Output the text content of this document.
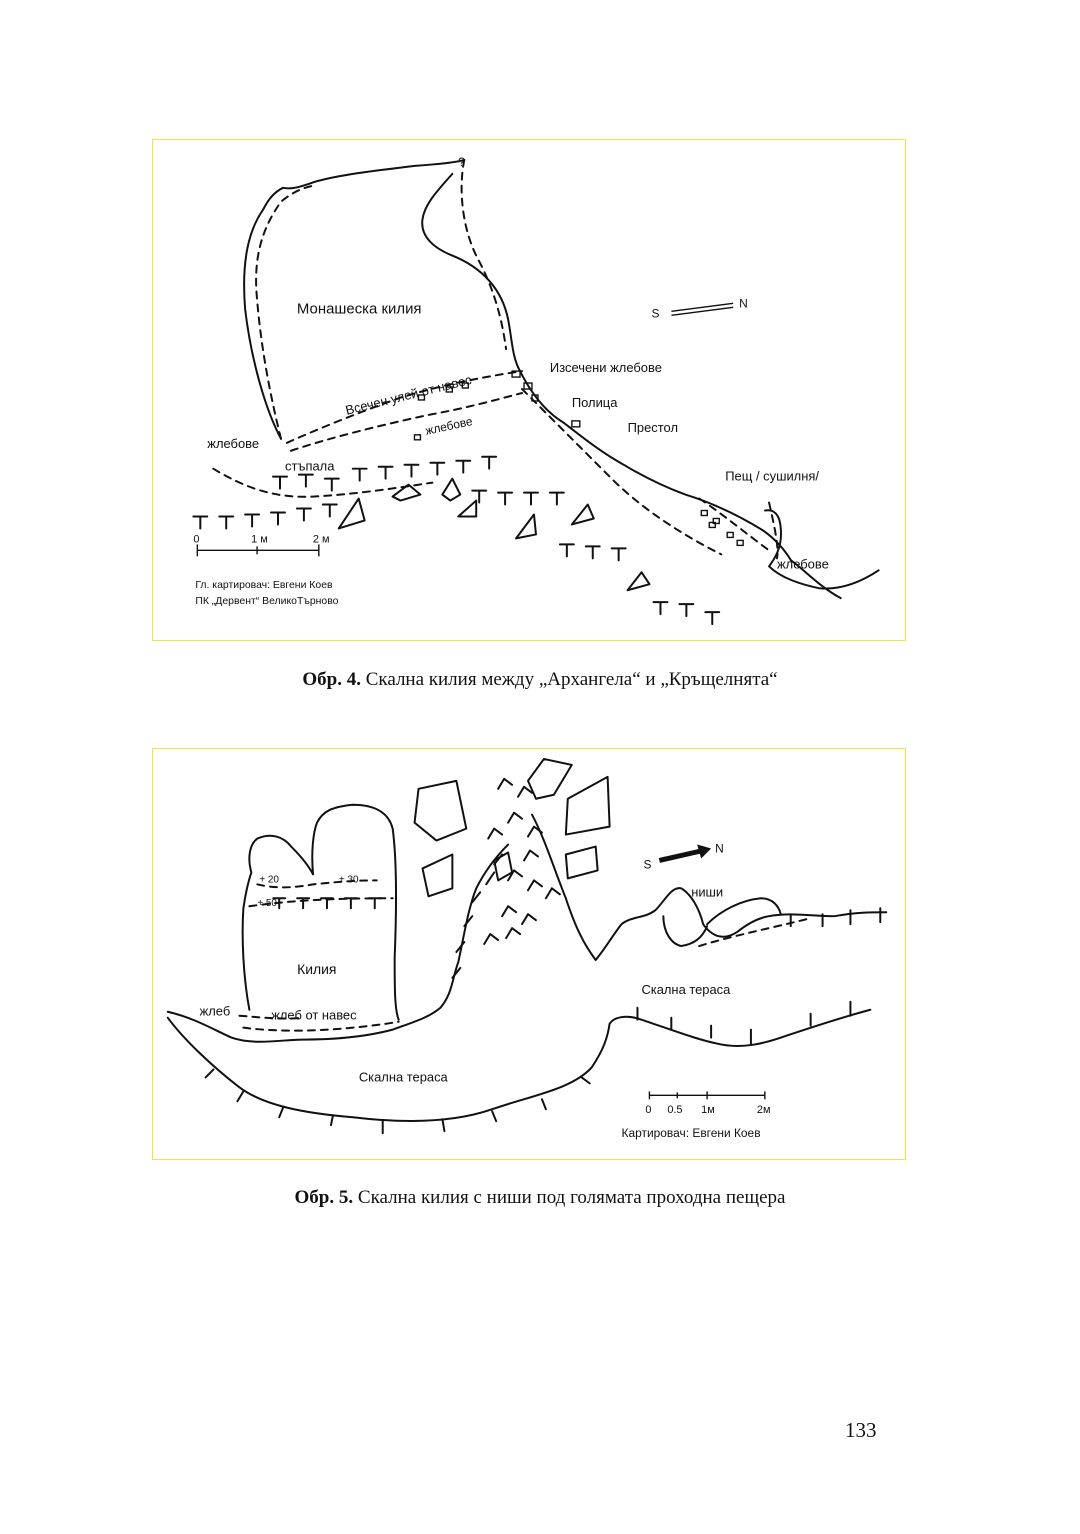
S
N
?
Монашеска килия
Изсечени жлебове
Всечен улей от навес	Полица
Престол
жлебове
жлебове
стъпала
Пещ / сушилня/
жлебове
0	1 м	2 м
Гл. картировач: Евгени Коев
ПК „Дервент“ ВеликоТърново
Обр. 4. Скална килия между „Архангела“ и „Кръщелнята“
S
N
+ 20	+ 30
+ 50
Килия
жлеб	жлеб от навес
ниши
Скална тераса
Скална тераса
0 0.5 1м	2м
Картировач: Евгени Коев
Обр. 5. Скална килия с ниши под голямата проходна пещера
133
